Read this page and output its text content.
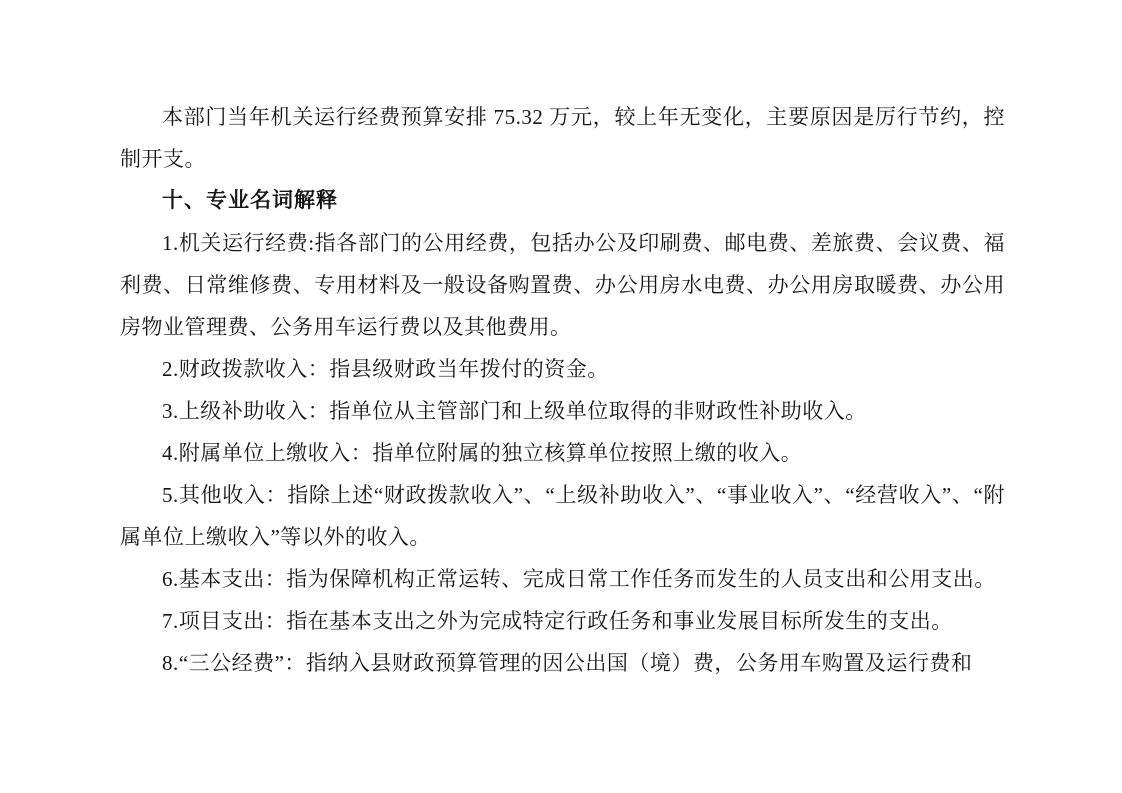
本部门当年机关运行经费预算安排 75.32 万元，较上年无变化，主要原因是厉行节约，控制开支。

十、专业名词解释

1.机关运行经费:指各部门的公用经费，包括办公及印刷费、邮电费、差旅费、会议费、福利费、日常维修费、专用材料及一般设备购置费、办公用房水电费、办公用房取暖费、办公用房物业管理费、公务用车运行费以及其他费用。

2.财政拨款收入：指县级财政当年拨付的资金。

3.上级补助收入：指单位从主管部门和上级单位取得的非财政性补助收入。

4.附属单位上缴收入：指单位附属的独立核算单位按照上缴的收入。

5.其他收入：指除上述“财政拨款收入”、“上级补助收入”、“事业收入”、“经营收入”、“附属单位上缴收入”等以外的收入。

6.基本支出：指为保障机构正常运转、完成日常工作任务而发生的人员支出和公用支出。

7.项目支出：指在基本支出之外为完成特定行政任务和事业发展目标所发生的支出。

8.“三公经费”：指纳入县财政预算管理的因公出国（境）费，公务用车购置及运行费和
